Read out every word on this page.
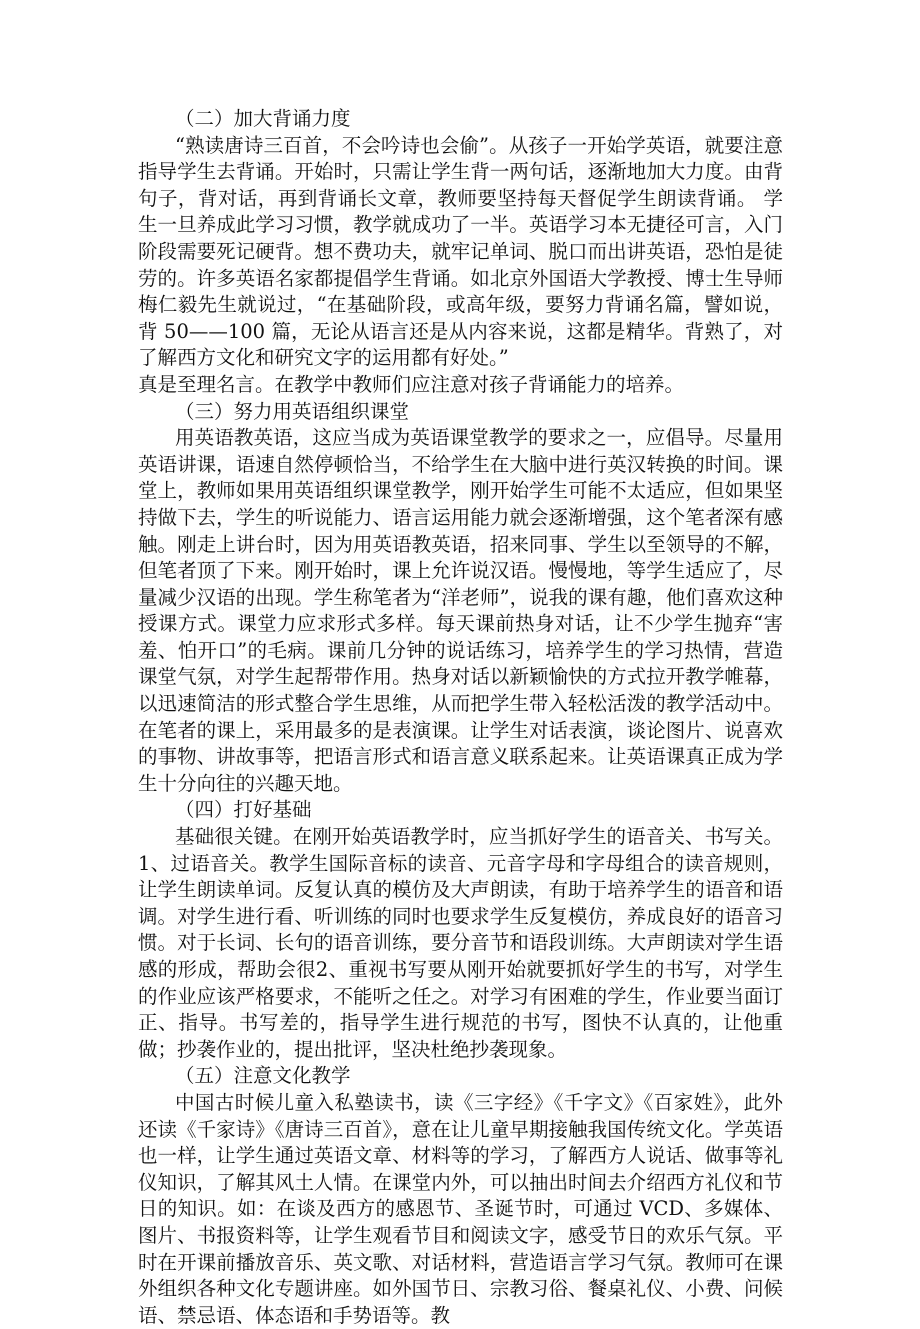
（二）加大背诵力度

“熟读唐诗三百首，不会吟诗也会偷”。从孩子一开始学英语，就要注意指导学生去背诵。开始时，只需让学生背一两句话，逐渐地加大力度。由背句子，背对话，再到背诵长文章，教师要坚持每天督促学生朗读背诵。 学生一旦养成此学习习惯，教学就成功了一半。英语学习本无捷径可言，入门阶段需要死记硬背。想不费功夫，就牢记单词、脱口而出讲英语，恐怕是徒劳的。许多英语名家都提倡学生背诵。如北京外国语大学教授、博士生导师梅仁毅先生就说过，“在基础阶段，或高年级，要努力背诵名篇，譬如说，背 50——100 篇，无论从语言还是从内容来说，这都是精华。背熟了，对了解西方文化和研究文字的运用都有好处。”

真是至理名言。在教学中教师们应注意对孩子背诵能力的培养。

（三）努力用英语组织课堂

用英语教英语，这应当成为英语课堂教学的要求之一，应倡导。尽量用英语讲课，语速自然停顿恰当，不给学生在大脑中进行英汉转换的时间。课堂上，教师如果用英语组织课堂教学，刚开始学生可能不太适应，但如果坚持做下去，学生的听说能力、语言运用能力就会逐渐增强，这个笔者深有感触。刚走上讲台时，因为用英语教英语，招来同事、学生以至领导的不解，但笔者顶了下来。刚开始时，课上允许说汉语。慢慢地，等学生适应了，尽量减少汉语的出现。学生称笔者为“洋老师”，说我的课有趣，他们喜欢这种授课方式。课堂力应求形式多样。每天课前热身对话，让不少学生抛弃“害羞、怕开口”的毛病。课前几分钟的说话练习，培养学生的学习热情，营造课堂气氛，对学生起帮带作用。热身对话以新颖愉快的方式拉开教学帷幕，以迅速简洁的形式整合学生思维，从而把学生带入轻松活泼的教学活动中。在笔者的课上，采用最多的是表演课。让学生对话表演，谈论图片、说喜欢的事物、讲故事等，把语言形式和语言意义联系起来。让英语课真正成为学生十分向往的兴趣天地。

（四）打好基础

基础很关键。在刚开始英语教学时，应当抓好学生的语音关、书写关。 1、过语音关。教学生国际音标的读音、元音字母和字母组合的读音规则，让学生朗读单词。反复认真的模仿及大声朗读，有助于培养学生的语音和语调。对学生进行看、听训练的同时也要求学生反复模仿，养成良好的语音习惯。对于长词、长句的语音训练，要分音节和语段训练。大声朗读对学生语感的形成，帮助会很2、重视书写要从刚开始就要抓好学生的书写，对学生的作业应该严格要求，不能听之任之。对学习有困难的学生，作业要当面订正、指导。书写差的，指导学生进行规范的书写，图快不认真的，让他重做；抄袭作业的，提出批评，坚决杜绝抄袭现象。

（五）注意文化教学

中国古时候儿童入私塾读书，读《三字经》《千字文》《百家姓》，此外还读《千家诗》《唐诗三百首》，意在让儿童早期接触我国传统文化。学英语也一样，让学生通过英语文章、材料等的学习，了解西方人说话、做事等礼仪知识，了解其风土人情。在课堂内外，可以抽出时间去介绍西方礼仪和节日的知识。如：在谈及西方的感恩节、圣诞节时，可通过 VCD、多媒体、图片、书报资料等，让学生观看节目和阅读文字，感受节日的欢乐气氛。平时在开课前播放音乐、英文歌、对话材料，营造语言学习气氛。教师可在课外组织各种文化专题讲座。如外国节日、宗教习俗、餐桌礼仪、小费、问候语、禁忌语、体态语和手势语等。教
